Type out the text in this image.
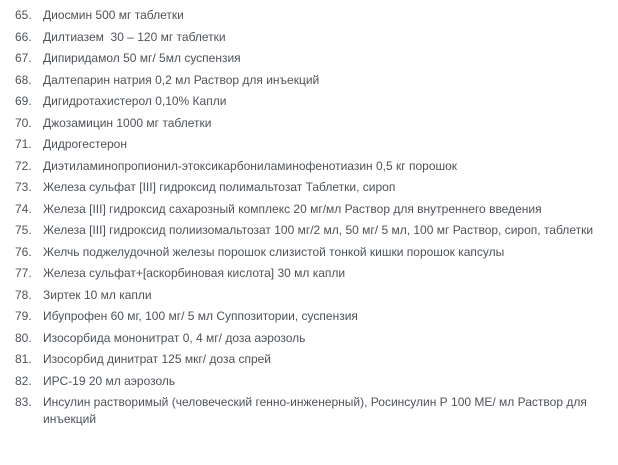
65. Диосмин 500 мг таблетки
66. Дилтиазем  30 – 120 мг таблетки
67. Дипиридамол 50 мг/ 5мл суспензия
68. Далтепарин натрия 0,2 мл Раствор для инъекций
69. Дигидротахистерол 0,10% Капли
70. Джозамицин 1000 мг таблетки
71. Дидрогестерон
72. Диэтиламинопропионил-этоксикарбониламинофенотиазин 0,5 кг порошок
73. Железа сульфат [III] гидроксид полимальтозат Таблетки, сироп
74. Железа [III] гидроксид сахарозный комплекс 20 мг/мл Раствор для внутреннего введения
75. Железа [III] гидроксид полиизомальтозат 100 мг/2 мл, 50 мг/ 5 мл, 100 мг Раствор, сироп, таблетки
76. Желчь поджелудочной железы порошок слизистой тонкой кишки порошок капсулы
77. Железа сульфат+[аскорбиновая кислота] 30 мл капли
78. Зиртек 10 мл капли
79. Ибупрофен 60 мг, 100 мг/ 5 мл Суппозитории, суспензия
80. Изосорбида мононитрат 0, 4 мг/ доза аэрозоль
81. Изосорбид динитрат 125 мкг/ доза спрей
82. ИРС-19 20 мл аэрозоль
83. Инсулин растворимый (человеческий генно-инженерный), Росинсулин Р 100 МЕ/ мл Раствор для инъекций
